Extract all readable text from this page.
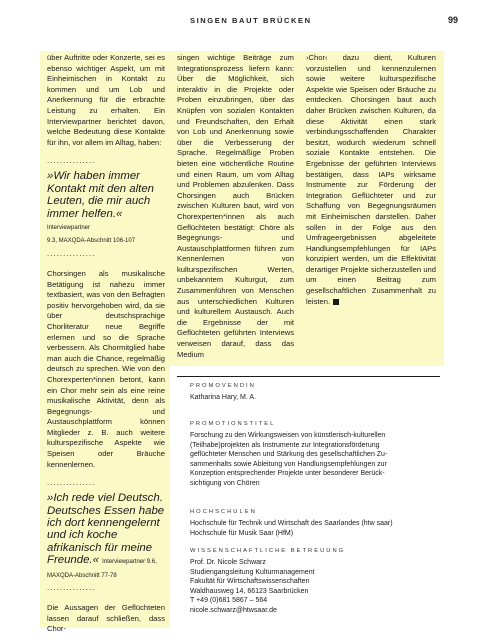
SINGEN BAUT BRÜCKEN	99

über Auftritte oder Konzerte, sei es ebenso wichtiger Aspekt, um mit Einheimischen in Kontakt zu kommen und um Lob und Anerkennung für die erbrachte Leistung zu erhalten. Ein Interviewpartner berichtet davon, welche Bedeutung diese Kontakte für ihn, vor allem im Alltag, haben:

...............

»Wir haben immer Kontakt mit den alten Leuten, die mir auch immer helfen.« Interviewpartner

9.3, MAXQDA-Abschnitt 106-107
...............

Chorsingen als musikalische Betätigung ist nahezu immer textbasiert, was von den Befragten positiv hervorgehoben wird, da sie über deutschsprachige Chorliteratur neue Begriffe erlernen und so die Sprache verbessern. Als Chormitglied habe man auch die Chance, regelmäßig deutsch zu sprechen. Wie von den Chorexperten*innen betont, kann ein Chor mehr sein als eine reine musikalische Aktivität, denn als Begegnungs- und Austauschplattform können Mitglieder z. B. auch weitere kulturspezifische Aspekte wie Speisen oder Bräuche kennenlernen.

...............

»Ich rede viel Deutsch. Deutsches Essen habe ich dort kennengelernt und ich koche afrikanisch für meine Freunde.« Interviewpartner 9.6,

MAXQDA-Abschnitt 77-78
...............

Die Aussagen der Geflüchteten lassen darauf schließen, dass Chor-

singen wichtige Beiträge zum Integrationsprozess liefern kann: Über die Möglichkeit, sich interaktiv in die Projekte oder Proben einzubringen, über das Knüpfen von sozialen Kontakten und Freundschaften, den Erhalt von Lob und Anerkennung sowie über die Verbesserung der Sprache. Regelmäßige Proben bieten eine wöchentliche Routine und einen Raum, um vom Alltag und Problemen abzulenken. Dass Chorsingen auch Brücken zwischen Kulturen baut, wird von Chorexperten*innen als auch Geflüchteten bestätigt: Chöre als Begegnungs- und Austauschplattformen führen zum Kennenlernen von kulturspezifischen Werten, unbekanntem Kulturgut, zum Zusammenführen von Menschen aus unterschiedlichen Kulturen und kulturellem Austausch. Auch die Ergebnisse der mit Geflüchteten geführten Interviews verweisen darauf, dass das Medium

›Chor‹ dazu dient, Kulturen vorzustellen und kennenzulernen sowie weitere kulturspezifische Aspekte wie Speisen oder Bräuche zu entdecken. Chorsingen baut auch daher Brücken zwischen Kulturen, da diese Aktivität einen stark verbindungsschaffenden Charakter besitzt, wodurch wiederum schnell soziale Kontakte entstehen. Die Ergebnisse der geführten Interviews bestätigen, dass IAPs wirksame Instrumente zur Förderung der Integration Geflüchteter und zur Schaffung von Begegnungsräumen mit Einheimischen darstellen. Daher sollen in der Folge aus den Umfrageergebnissen abgeleitete Handlungsempfehlungen für IAPs konzipiert werden, um die Effektivität derartiger Projekte sicherzustellen und um einen Beitrag zum gesellschaftlichen Zusammenhalt zu leisten.

PROMOVENDIN
Katharina Hary, M. A.
PROMOTIONSTITEL
Forschung zu den Wirkungsweisen von künstlerisch-kulturellen
(Teilhabe)projekten als Instrumente zur Integrationsförderung
geflüchteter Menschen und Stärkung des gesellschaftlichen Zu-
sammenhalts sowie Ableitung von Handlungsempfehlungen zur
Konzeption entsprechender Projekte unter besonderer Berück-
sichtigung von Chören
HOCHSCHULEN
Hochschule für Technik und Wirtschaft des Saarlandes (htw saar)
Hochschule für Musik Saar (HfM)
WISSENSCHAFTLICHE BETREUUNG
Prof. Dr. Nicole Schwarz
Studiengangsleitung Kulturmanagement
Fakultät für Wirtschaftswissenschaften
Waldhausweg 14, 66123 Saarbrücken
T +49 (0)681 5867 – 564
nicole.schwarz@htwsaar.de
